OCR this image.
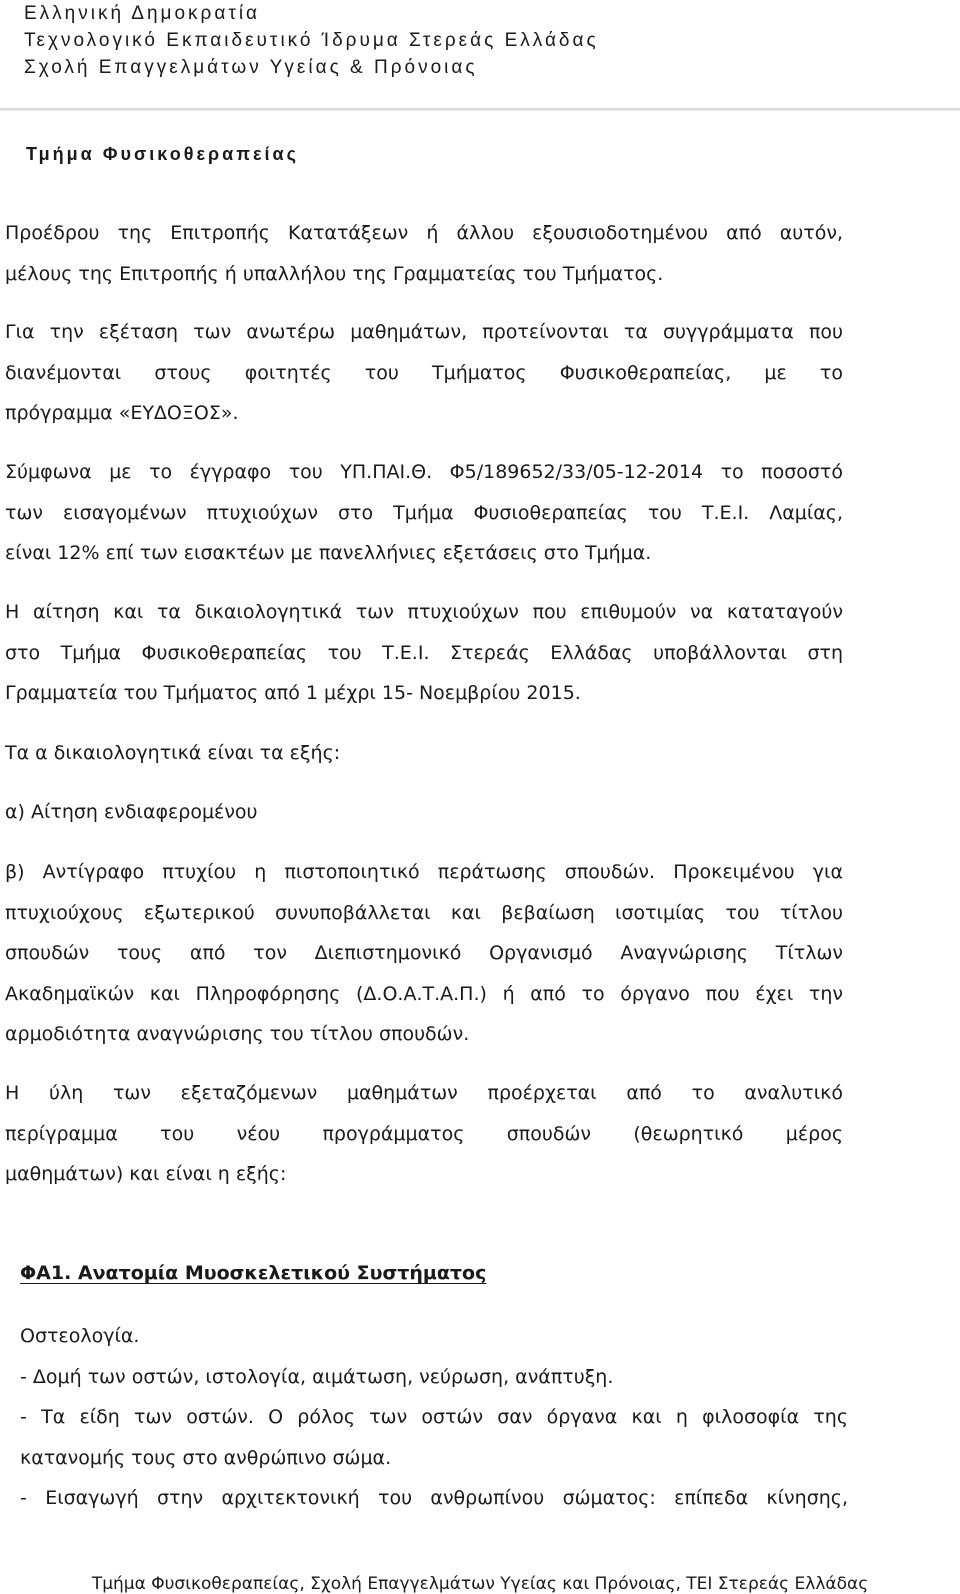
Ελληνική Δημοκρατία
Τεχνολογικό Εκπαιδευτικό Ίδρυμα Στερεάς Ελλάδας
Σχολή Επαγγελμάτων Υγείας & Πρόνοιας
Τμήμα Φυσικοθεραπείας
Προέδρου της Επιτροπής Κατατάξεων ή άλλου εξουσιοδοτημένου από αυτόν,
μέλους της Επιτροπής ή υπαλλήλου της Γραμματείας του Τμήματος.
Για την εξέταση των ανωτέρω μαθημάτων, προτείνονται τα συγγράμματα που
διανέμονται στους φοιτητές του Τμήματος Φυσικοθεραπείας, με το
πρόγραμμα «ΕΥΔΟΞΟΣ».
Σύμφωνα με το έγγραφο του ΥΠ.ΠΑΙ.Θ. Φ5/189652/33/05-12-2014 το ποσοστό
των εισαγομένων πτυχιούχων στο Τμήμα Φυσιοθεραπείας του Τ.Ε.Ι. Λαμίας,
είναι 12% επί των εισακτέων με πανελλήνιες εξετάσεις στο Τμήμα.
Η αίτηση και τα δικαιολογητικά των πτυχιούχων που επιθυμούν να καταταγούν
στο Τμήμα Φυσικοθεραπείας του Τ.Ε.Ι. Στερεάς Ελλάδας υποβάλλονται στη
Γραμματεία του Τμήματος από 1 μέχρι 15- Νοεμβρίου 2015.
Τα α δικαιολογητικά είναι τα εξής:
α) Αίτηση ενδιαφερομένου
β) Αντίγραφο πτυχίου η πιστοποιητικό περάτωσης σπουδών. Προκειμένου για
πτυχιούχους εξωτερικού συνυποβάλλεται και βεβαίωση ισοτιμίας του τίτλου
σπουδών τους από τον Διεπιστημονικό Οργανισμό Αναγνώρισης Τίτλων
Ακαδημαϊκών και Πληροφόρησης (Δ.Ο.Α.Τ.Α.Π.) ή από το όργανο που έχει την
αρμοδιότητα αναγνώρισης του τίτλου σπουδών.
Η ύλη των εξεταζόμενων μαθημάτων προέρχεται από το αναλυτικό
περίγραμμα του νέου προγράμματος σπουδών (θεωρητικό μέρος
μαθημάτων) και είναι η εξής:
ΦΑ1. Ανατομία Μυοσκελετικού Συστήματος
Οστεολογία.
- Δομή των οστών, ιστολογία, αιμάτωση, νεύρωση, ανάπτυξη.
- Τα είδη των οστών. Ο ρόλος των οστών σαν όργανα και η φιλοσοφία της
κατανομής τους στο ανθρώπινο σώμα.
- Εισαγωγή στην αρχιτεκτονική του ανθρωπίνου σώματος: επίπεδα κίνησης,
Τμήμα Φυσικοθεραπείας, Σχολή Επαγγελμάτων Υγείας και Πρόνοιας, ΤΕΙ Στερεάς Ελλάδας
